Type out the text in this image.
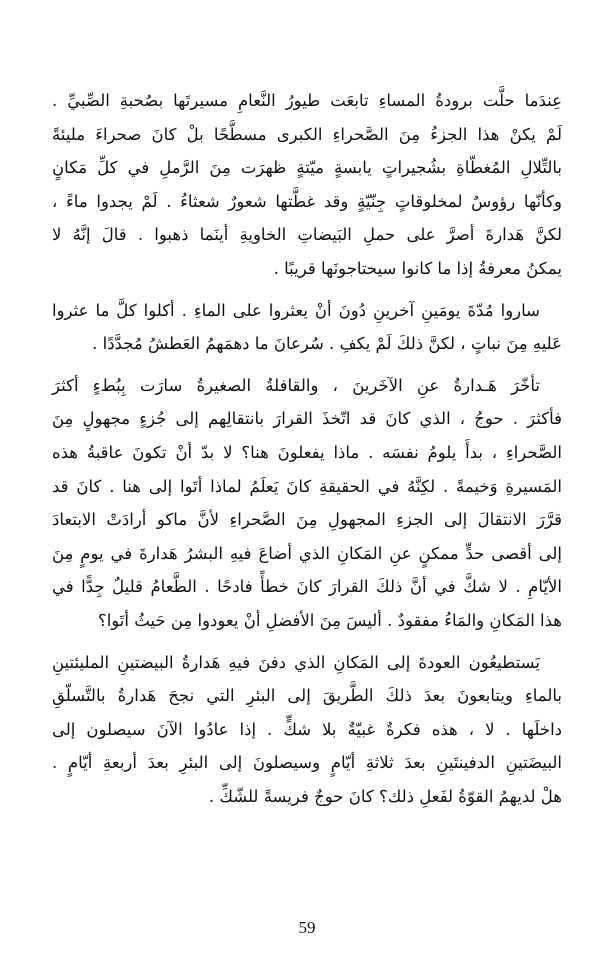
عِندَما حلَّت برودةُ المساءِ تابعَت طيورُ النَّعامِ مسيرتَها بصُحبةِ الصِّبيِّ .
لَمْ يكنْ هذا الجزءُ مِنَ الصَّحراءِ الكبرى مسطَّحًا بلْ كانَ صحراءَ مليئةً
بالتِّلالِ المُغطّاةِ بشُجيراتٍ يابسةٍ ميّتةٍ ظهرَت مِنَ الرَّملِ في كلِّ مَكانٍ
وكأنّها رؤوسٌ لمخلوقاتٍ جِنّيّةٍ وقد غطَّتها شعورٌ شعثاءُ . لَمْ يجدوا ماءً ،
لكنَّ هَدارةَ أصرَّ على حملِ البَيضاتِ الخاويةِ أينَما ذهبوا . قالَ إنَّهُ لا
يمكنُ معرفةُ إذا ما كانوا سيحتاجونَها قريبًا .

ساروا مُدّةَ يومَينِ آخرينِ دُونَ أنْ يعثروا على الماءِ . أكلوا كلَّ ما عثروا
عَليهِ مِنَ نباتٍ ، لكنَّ ذلكَ لَمْ يكفِ . سُرعانَ ما دهمَهمُ العَطشُ مُجدَّدًا .

تأخّرَ هَـدارةُ عنِ الآخَرينَ ، والقافلةُ الصغيرةُ سارَت بِبُطءٍ أكثرَ
فأكثرَ . حوجُ ، الذي كانَ قد اتّخذَ القرارَ بانتقالِهم إلى جُزءٍ مجهولٍ مِنَ
الصَّحراءِ ، بدأَ يلومُ نفسَه . ماذا يفعلونَ هنا؟ لا بدّ أنْ تكونَ عاقبةُ هذه
المَسيرةِ وَخيمةً . لكِنَّهُ في الحقيقةِ كانَ يَعلَمُ لماذا أتَوا إلى هنا . كانَ قد
قرَّرَ الانتقالَ إلى الجزءِ المجهولِ مِنَ الصَّحراءِ لأنَّ ماكو أرادَتْ الابتعادَ
إلى أقصى حدٍّ ممكنٍ عنِ المَكانِ الذي أضاعَ فيهِ البشرُ هَدارةَ في يومٍ مِنَ
الأيّامِ . لا شكَّ في أنَّ ذلكَ القرارَ كانَ خطأً فادحًا . الطَّعامُ قليلٌ جِدًّا في
هذا المَكانِ والمَاءُ مفقودٌ . أليسَ مِنَ الأفضلِ أنْ يعودوا مِن حَيثُ أتَوا؟

يَستطيعُون العودةَ إلى المَكانِ الذي دفنَ فيهِ هَدارةُ البيضتينِ المليئتينِ
بالماءِ ويتابعونَ بعدَ ذلكَ الطَّريقَ إلى البئرِ التي نجحَ هَدارةُ بالتَّسلّقِ
داخلَها . لا ، هذه فكرةٌ غبيّةٌ بلا شكٍّ . إذا عادُوا الآنَ سيصلون إلى
البيضَتينِ الدفينتَينِ بعدَ ثلاثةِ أيّامٍ وسيصلونَ إلى البئرِ بعدَ أربعةِ أيّامٍ .
هلْ لديهمُ القوّةُ لفَعلِ ذلك؟ كانَ حوجٌ فريسةً للشّكِّ .

59
